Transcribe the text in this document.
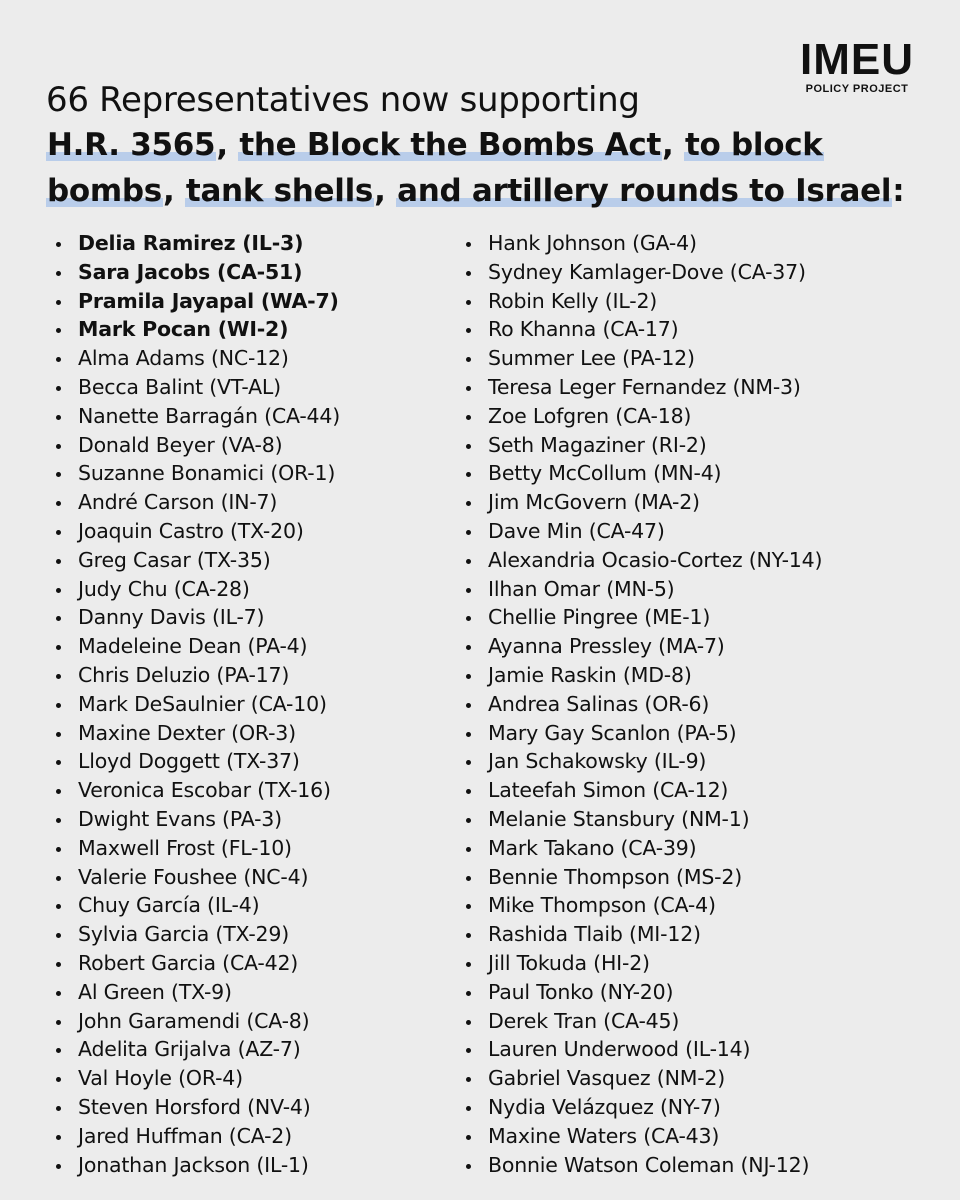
IMEU
POLICY PROJECT
66 Representatives now supporting
H.R. 3565, the Block the Bombs Act, to block
bombs, tank shells, and artillery rounds to Israel:
Delia Ramirez (IL-3)
Sara Jacobs (CA-51)
Pramila Jayapal (WA-7)
Mark Pocan (WI-2)
Alma Adams (NC-12)
Becca Balint (VT-AL)
Nanette Barragán (CA-44)
Donald Beyer (VA-8)
Suzanne Bonamici (OR-1)
André Carson (IN-7)
Joaquin Castro (TX-20)
Greg Casar (TX-35)
Judy Chu (CA-28)
Danny Davis (IL-7)
Madeleine Dean (PA-4)
Chris Deluzio (PA-17)
Mark DeSaulnier (CA-10)
Maxine Dexter (OR-3)
Lloyd Doggett (TX-37)
Veronica Escobar (TX-16)
Dwight Evans (PA-3)
Maxwell Frost (FL-10)
Valerie Foushee (NC-4)
Chuy García (IL-4)
Sylvia Garcia (TX-29)
Robert Garcia (CA-42)
Al Green (TX-9)
John Garamendi (CA-8)
Adelita Grijalva (AZ-7)
Val Hoyle (OR-4)
Steven Horsford (NV-4)
Jared Huffman (CA-2)
Jonathan Jackson (IL-1)
Hank Johnson (GA-4)
Sydney Kamlager-Dove (CA-37)
Robin Kelly (IL-2)
Ro Khanna (CA-17)
Summer Lee (PA-12)
Teresa Leger Fernandez (NM-3)
Zoe Lofgren (CA-18)
Seth Magaziner (RI-2)
Betty McCollum (MN-4)
Jim McGovern (MA-2)
Dave Min (CA-47)
Alexandria Ocasio-Cortez (NY-14)
Ilhan Omar (MN-5)
Chellie Pingree (ME-1)
Ayanna Pressley (MA-7)
Jamie Raskin (MD-8)
Andrea Salinas (OR-6)
Mary Gay Scanlon (PA-5)
Jan Schakowsky (IL-9)
Lateefah Simon (CA-12)
Melanie Stansbury (NM-1)
Mark Takano (CA-39)
Bennie Thompson (MS-2)
Mike Thompson (CA-4)
Rashida Tlaib (MI-12)
Jill Tokuda (HI-2)
Paul Tonko (NY-20)
Derek Tran (CA-45)
Lauren Underwood (IL-14)
Gabriel Vasquez (NM-2)
Nydia Velázquez (NY-7)
Maxine Waters (CA-43)
Bonnie Watson Coleman (NJ-12)
